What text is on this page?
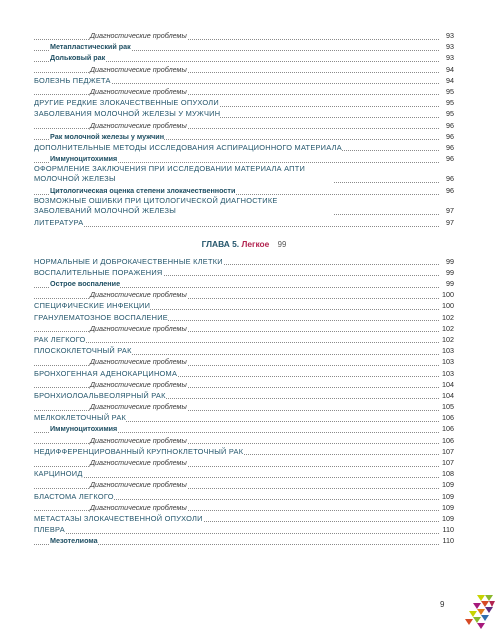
Диагностические проблемы	93
Метапластический рак	93
Дольковый рак	93
Диагностические проблемы	94
БОЛЕЗНЬ ПЕДЖЕТА	94
Диагностические проблемы	95
ДРУГИЕ РЕДКИЕ ЗЛОКАЧЕСТВЕННЫЕ ОПУХОЛИ	95
ЗАБОЛЕВАНИЯ МОЛОЧНОЙ ЖЕЛЕЗЫ У МУЖЧИН	95
Диагностические проблемы	96
Рак молочной железы у мужчин	96
ДОПОЛНИТЕЛЬНЫЕ МЕТОДЫ ИССЛЕДОВАНИЯ АСПИРАЦИОННОГО МАТЕРИАЛА	96
Иммуноцитохимия	96
ОФОРМЛЕНИЕ ЗАКЛЮЧЕНИЯ ПРИ ИССЛЕДОВАНИИ МАТЕРИАЛА АПТИ МОЛОЧНОЙ ЖЕЛЕЗЫ	96
Цитологическая оценка степени злокачественности	96
ВОЗМОЖНЫЕ ОШИБКИ ПРИ ЦИТОЛОГИЧЕСКОЙ ДИАГНОСТИКЕ ЗАБОЛЕВАНИЙ МОЛОЧНОЙ ЖЕЛЕЗЫ	97
ЛИТЕРАТУРА	97
ГЛАВА 5. Легкое 99
НОРМАЛЬНЫЕ И ДОБРОКАЧЕСТВЕННЫЕ КЛЕТКИ	99
ВОСПАЛИТЕЛЬНЫЕ ПОРАЖЕНИЯ	99
Острое воспаление	99
Диагностические проблемы	100
СПЕЦИФИЧЕСКИЕ ИНФЕКЦИИ	100
ГРАНУЛЕМАТОЗНОЕ ВОСПАЛЕНИЕ	102
Диагностические проблемы	102
РАК ЛЕГКОГО	102
ПЛОСКОКЛЕТОЧНЫЙ РАК	103
Диагностические проблемы	103
БРОНХОГЕННАЯ АДЕНОКАРЦИНОМА	103
Диагностические проблемы	104
БРОНХИОЛОАЛЬВЕОЛЯРНЫЙ РАК	104
Диагностические проблемы	105
МЕЛКОКЛЕТОЧНЫЙ РАК	106
Иммуноцитохимия	106
Диагностические проблемы	106
НЕДИФФЕРЕНЦИРОВАННЫЙ КРУПНОКЛЕТОЧНЫЙ РАК	107
Диагностические проблемы	107
КАРЦИНОИД	108
Диагностические проблемы	109
БЛАСТОМА ЛЕГКОГО	109
Диагностические проблемы	109
МЕТАСТАЗЫ ЗЛОКАЧЕСТВЕННОЙ ОПУХОЛИ	109
ПЛЕВРА	110
Мезотелиома	110
9
